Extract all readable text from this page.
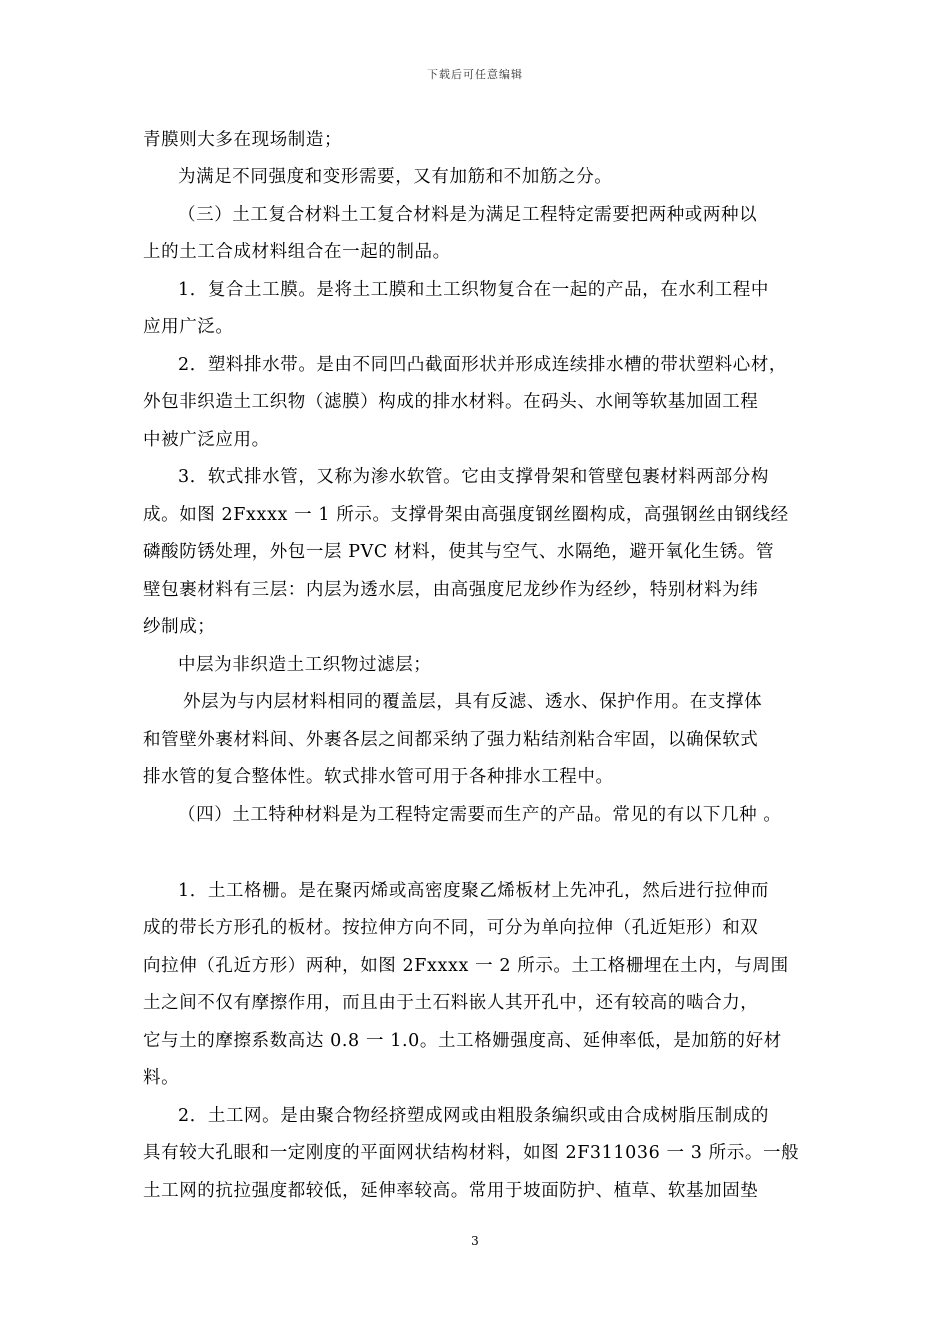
下载后可任意编辑
青膜则大多在现场制造；
为满足不同强度和变形需要，又有加筋和不加筋之分。
（三）土工复合材料土工复合材料是为满足工程特定需要把两种或两种以
上的土工合成材料组合在一起的制品。
1．复合土工膜。是将土工膜和土工织物复合在一起的产品，在水利工程中
应用广泛。
2．塑料排水带。是由不同凹凸截面形状并形成连续排水槽的带状塑料心材，
外包非织造土工织物（滤膜）构成的排水材料。在码头、水闸等软基加固工程
中被广泛应用。
3．软式排水管，又称为渗水软管。它由支撑骨架和管壁包裹材料两部分构
成。如图 2Fxxxx 一 1 所示。支撑骨架由高强度钢丝圈构成，高强钢丝由钢线经
磷酸防锈处理，外包一层 PVC 材料，使其与空气、水隔绝，避开氧化生锈。管
壁包裹材料有三层：内层为透水层，由高强度尼龙纱作为经纱，特别材料为纬
纱制成；
中层为非织造土工织物过滤层；
外层为与内层材料相同的覆盖层，具有反滤、透水、保护作用。在支撑体
和管壁外裹材料间、外裹各层之间都采纳了强力粘结剂粘合牢固，以确保软式
排水管的复合整体性。软式排水管可用于各种排水工程中。
（四）土工特种材料是为工程特定需要而生产的产品。常见的有以下几种 。
1．土工格栅。是在聚丙烯或高密度聚乙烯板材上先冲孔，然后进行拉伸而
成的带长方形孔的板材。按拉伸方向不同，可分为单向拉伸（孔近矩形）和双
向拉伸（孔近方形）两种，如图 2Fxxxx 一 2 所示。土工格栅埋在土内，与周围
土之间不仅有摩擦作用，而且由于土石料嵌人其开孔中，还有较高的啮合力，
它与土的摩擦系数高达 0.8 一 1.0。土工格姗强度高、延伸率低，是加筋的好材
料。
2．土工网。是由聚合物经挤塑成网或由粗股条编织或由合成树脂压制成的
具有较大孔眼和一定刚度的平面网状结构材料，如图 2F311036 一 3 所示。一般
土工网的抗拉强度都较低，延伸率较高。常用于坡面防护、植草、软基加固垫
3
